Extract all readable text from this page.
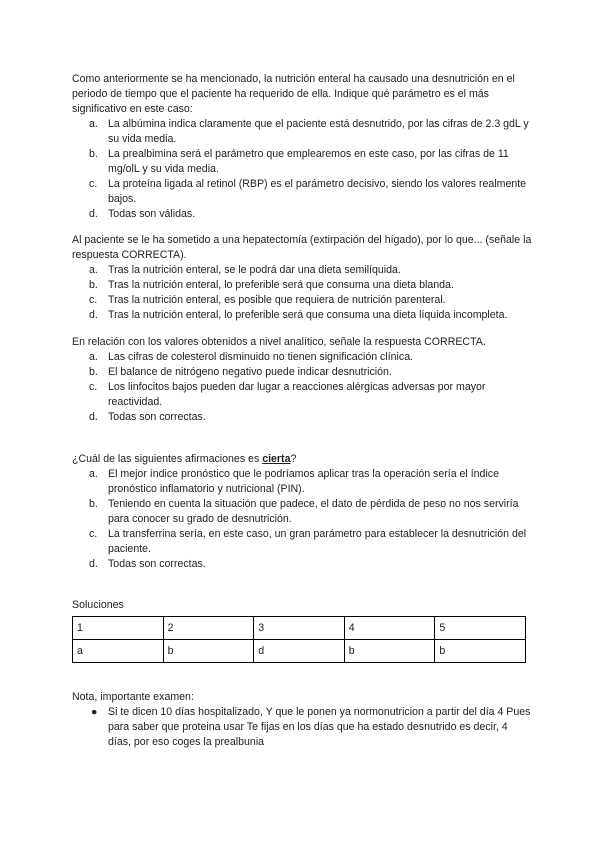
Como anteriormente se ha mencionado, la nutrición enteral ha causado una desnutrición en el periodo de tiempo que el paciente ha requerido de ella. Indique qué parámetro es el más significativo en este caso:

a. La albúmina indica claramente que el paciente está desnutrido, por las cifras de 2.3 gdL y su vida media.
b. La prealbimina será el parámetro que emplearemos en este caso, por las cifras de 11 mg/olL y su vida media.
c. La proteína ligada al retinol (RBP) es el parámetro decisivo, siendo los valores realmente bajos.
d. Todas son válidas.

Al paciente se le ha sometido a una hepatectomía (extirpación del hígado), por lo que... (señale la respuesta CORRECTA).

a. Tras la nutrición enteral, se le podrá dar una dieta semilíquida.
b. Tras la nutrición enteral, lo preferible será que consuma una dieta blanda.
c. Tras la nutrición enteral, es posible que requiera de nutrición parenteral.
d. Tras la nutrición enteral, lo preferible será que consuma una dieta líquida incompleta.

En relación con los valores obtenidos a nivel analítico, señale la respuesta CORRECTA.

a. Las cifras de colesterol disminuido no tienen significación clínica.
b. El balance de nitrógeno negativo puede indicar desnutrición.
c. Los linfocitos bajos pueden dar lugar a reacciones alérgicas adversas por mayor reactividad.
d. Todas son correctas.

¿Cuál de las siguientes afirmaciones es cierta?

a. El mejor índice pronóstico que le podríamos aplicar tras la operación sería el índice pronóstico inflamatorio y nutricional (PIN).
b. Teniendo en cuenta la situación que padece, el dato de pérdida de peso no nos serviría para conocer su grado de desnutrición.
c. La transferrina sería, en este caso, un gran parámetro para establecer la desnutrición del paciente.
d. Todas son correctas.
Soluciones
1	2	3	4	5
a	b	d	b	b

Nota, importante examen:

● Si te dicen 10 días hospitalizado, Y que le ponen ya normonutricion a partir del día 4 Pues para saber que proteina usar Te fijas en los días que ha estado desnutrido es decir, 4 días, por eso coges la prealbunia
